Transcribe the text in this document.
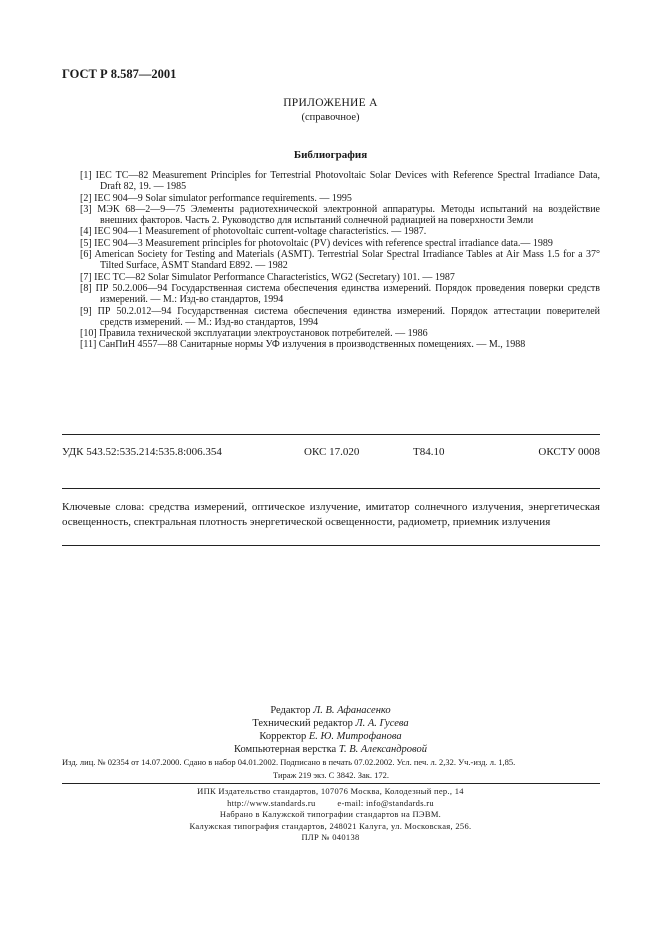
ГОСТ Р 8.587—2001
ПРИЛОЖЕНИЕ А
(справочное)
Библиография
[1] IEC TC—82 Measurement Principles for Terrestrial Photovoltaic Solar Devices with Reference Spectral Irradiance Data, Draft 82, 19. — 1985
[2] IEC 904—9 Solar simulator performance requirements. — 1995
[3] МЭК 68—2—9—75 Элементы радиотехнической электронной аппаратуры. Методы испытаний на воздействие внешних факторов. Часть 2. Руководство для испытаний солнечной радиацией на поверхности Земли
[4] IEC 904—1 Measurement of photovoltaic current-voltage characteristics. — 1987.
[5] IEC 904—3 Measurement principles for photovoltaic (PV) devices with reference spectral irradiance data.— 1989
[6] American Society for Testing and Materials (ASMT). Terrestrial Solar Spectral Irradiance Tables at Air Mass 1.5 for a 37° Tilted Surface, ASMT Standard E892. — 1982
[7] IEC TC—82 Solar Simulator Performance Characteristics, WG2 (Secretary) 101. — 1987
[8] ПР 50.2.006—94 Государственная система обеспечения единства измерений. Порядок проведения поверки средств измерений. — М.: Изд-во стандартов, 1994
[9] ПР 50.2.012—94 Государственная система обеспечения единства измерений. Порядок аттестации поверителей средств измерений. — М.: Изд-во стандартов, 1994
[10] Правила технической эксплуатации электроустановок потребителей. — 1986
[11] СанПиН 4557—88 Санитарные нормы УФ излучения в производственных помещениях. — М., 1988
УДК 543.52:535.214:535.8:006.354	ОКС 17.020	Т84.10	ОКСТУ 0008
Ключевые слова: средства измерений, оптическое излучение, имитатор солнечного излучения, энергетическая освещенность, спектральная плотность энергетической освещенности, радиометр, приемник излучения
Редактор Л. В. Афанасенко
Технический редактор Л. А. Гусева
Корректор Е. Ю. Митрофанова
Компьютерная верстка Т. В. Александровой
Изд. лиц. № 02354 от 14.07.2000. Сдано в набор 04.01.2002. Подписано в печать 07.02.2002. Усл. печ. л. 2,32. Уч.-изд. л. 1,85.
Тираж 219 экз. С 3842. Зак. 172.
ИПК Издательство стандартов, 107076 Москва, Колодезный пер., 14
http://www.standards.ru	e-mail: info@standards.ru
Набрано в Калужской типографии стандартов на ПЭВМ.
Калужская типография стандартов, 248021 Калуга, ул. Московская, 256.
ПЛР № 040138
